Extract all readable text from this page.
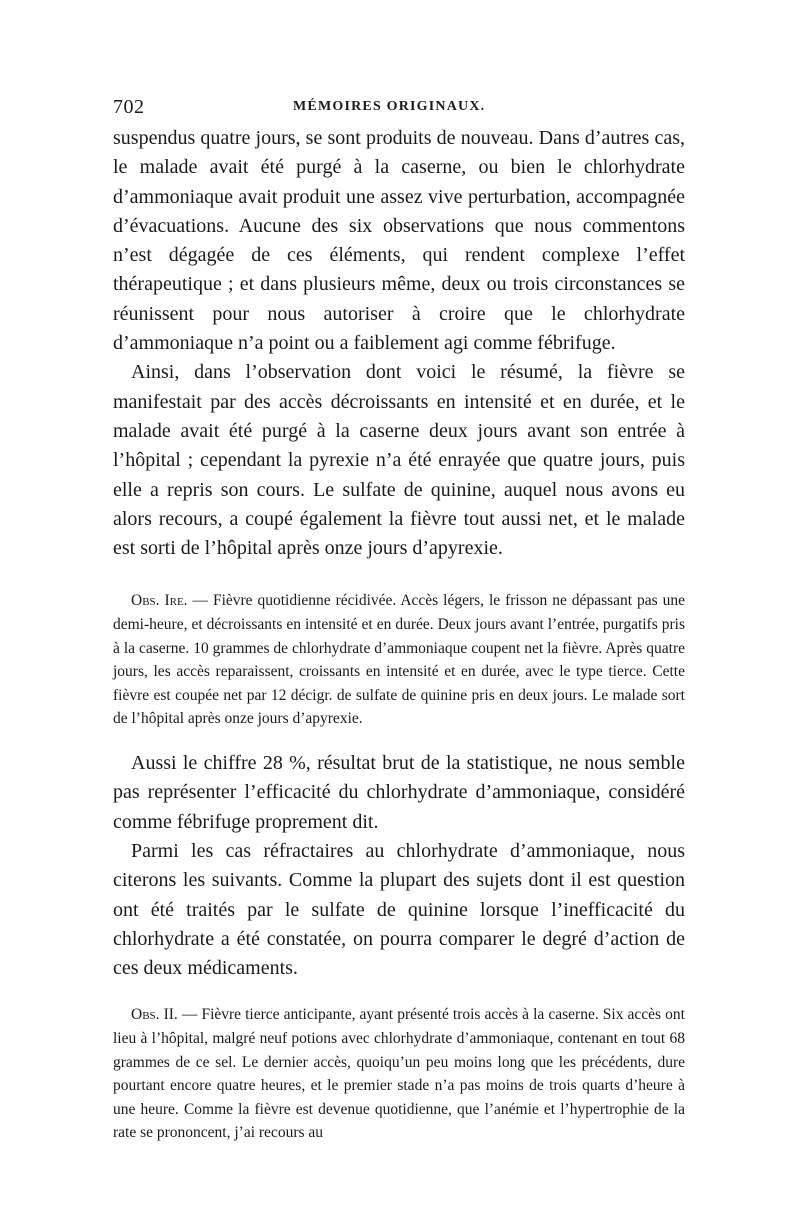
702	MÉMOIRES ORIGINAUX.

suspendus quatre jours, se sont produits de nouveau. Dans d’autres cas, le malade avait été purgé à la caserne, ou bien le chlorhydrate d’ammoniaque avait produit une assez vive perturbation, accompagnée d’évacuations. Aucune des six observations que nous commentons n’est dégagée de ces éléments, qui rendent complexe l’effet thérapeutique ; et dans plusieurs même, deux ou trois circonstances se réunissent pour nous autoriser à croire que le chlorhydrate d’ammoniaque n’a point ou a faiblement agi comme fébrifuge.

Ainsi, dans l’observation dont voici le résumé, la fièvre se manifestait par des accès décroissants en intensité et en durée, et le malade avait été purgé à la caserne deux jours avant son entrée à l’hôpital ; cependant la pyrexie n’a été enrayée que quatre jours, puis elle a repris son cours. Le sulfate de quinine, auquel nous avons eu alors recours, a coupé également la fièvre tout aussi net, et le malade est sorti de l’hôpital après onze jours d’apyrexie.

Obs. Ire. — Fièvre quotidienne récidivée. Accès légers, le frisson ne dépassant pas une demi-heure, et décroissants en intensité et en durée. Deux jours avant l’entrée, purgatifs pris à la caserne. 10 grammes de chlorhydrate d’ammoniaque coupent net la fièvre. Après quatre jours, les accès reparaissent, croissants en intensité et en durée, avec le type tierce. Cette fièvre est coupée net par 12 décigr. de sulfate de quinine pris en deux jours. Le malade sort de l’hôpital après onze jours d’apyrexie.

Aussi le chiffre 28 %, résultat brut de la statistique, ne nous semble pas représenter l’efficacité du chlorhydrate d’ammoniaque, considéré comme fébrifuge proprement dit.

Parmi les cas réfractaires au chlorhydrate d’ammoniaque, nous citerons les suivants. Comme la plupart des sujets dont il est question ont été traités par le sulfate de quinine lorsque l’inefficacité du chlorhydrate a été constatée, on pourra comparer le degré d’action de ces deux médicaments.

Obs. II. — Fièvre tierce anticipante, ayant présenté trois accès à la caserne. Six accès ont lieu à l’hôpital, malgré neuf potions avec chlorhydrate d’ammoniaque, contenant en tout 68 grammes de ce sel. Le dernier accès, quoiqu’un peu moins long que les précédents, dure pourtant encore quatre heures, et le premier stade n’a pas moins de trois quarts d’heure à une heure. Comme la fièvre est devenue quotidienne, que l’anémie et l’hypertrophie de la rate se prononcent, j’ai recours au
